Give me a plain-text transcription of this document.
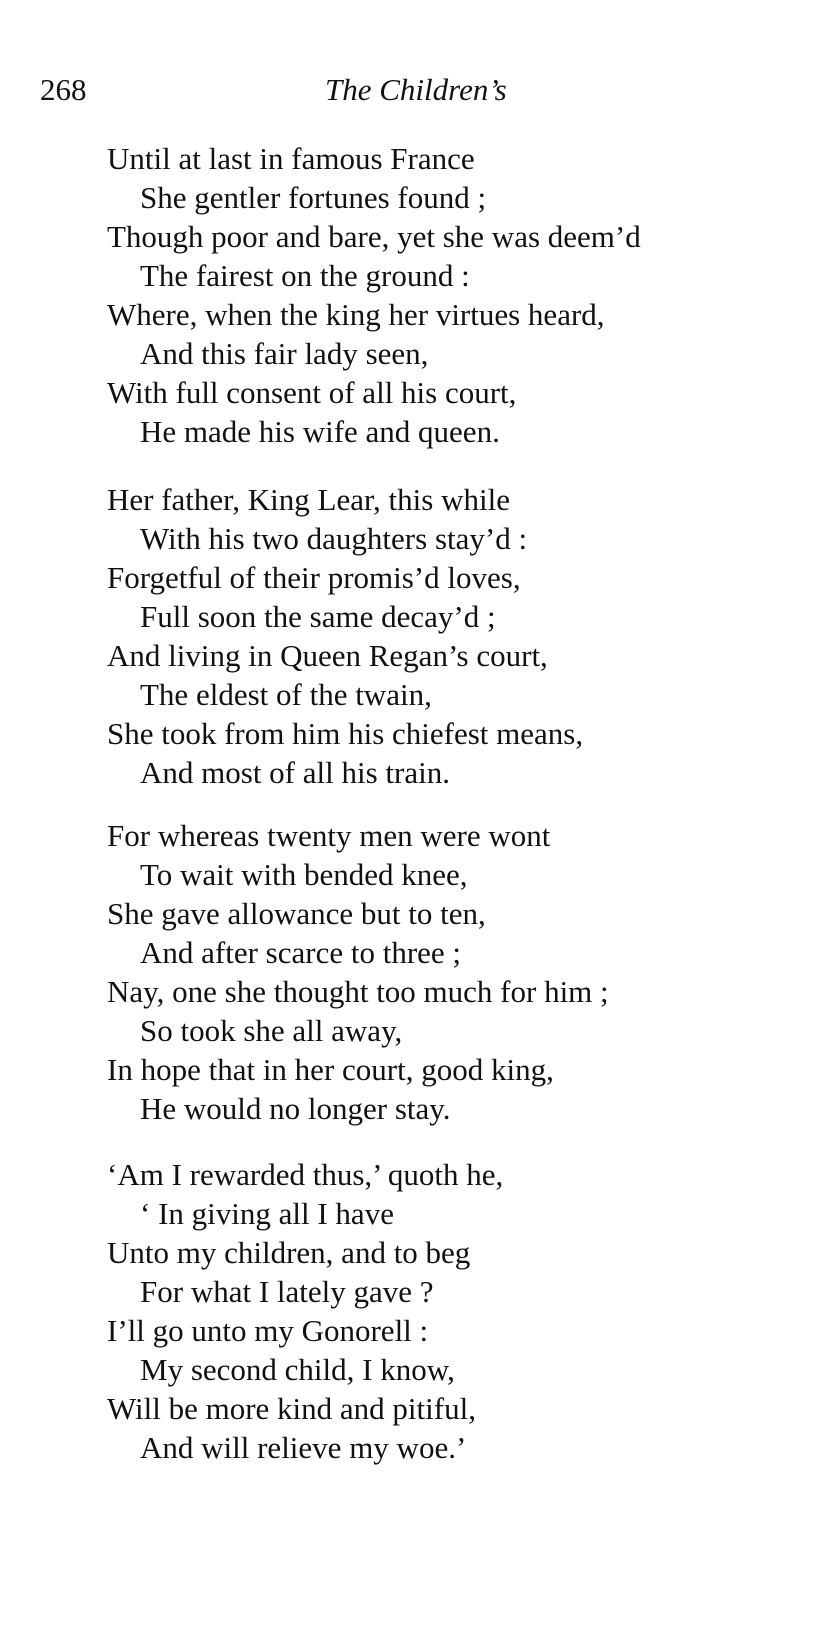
268	The Children’s
Until at last in famous France
She gentler fortunes found ;
Though poor and bare, yet she was deem’d
The fairest on the ground :
Where, when the king her virtues heard,
And this fair lady seen,
With full consent of all his court,
He made his wife and queen.
Her father, King Lear, this while
With his two daughters stay’d :
Forgetful of their promis’d loves,
Full soon the same decay’d ;
And living in Queen Regan’s court,
The eldest of the twain,
She took from him his chiefest means,
And most of all his train.
For whereas twenty men were wont
To wait with bended knee,
She gave allowance but to ten,
And after scarce to three ;
Nay, one she thought too much for him ;
So took she all away,
In hope that in her court, good king,
He would no longer stay.
‘Am I rewarded thus,’ quoth he,
‘ In giving all I have
Unto my children, and to beg
For what I lately gave ?
I’ll go unto my Gonorell :
My second child, I know,
Will be more kind and pitiful,
And will relieve my woe.’
